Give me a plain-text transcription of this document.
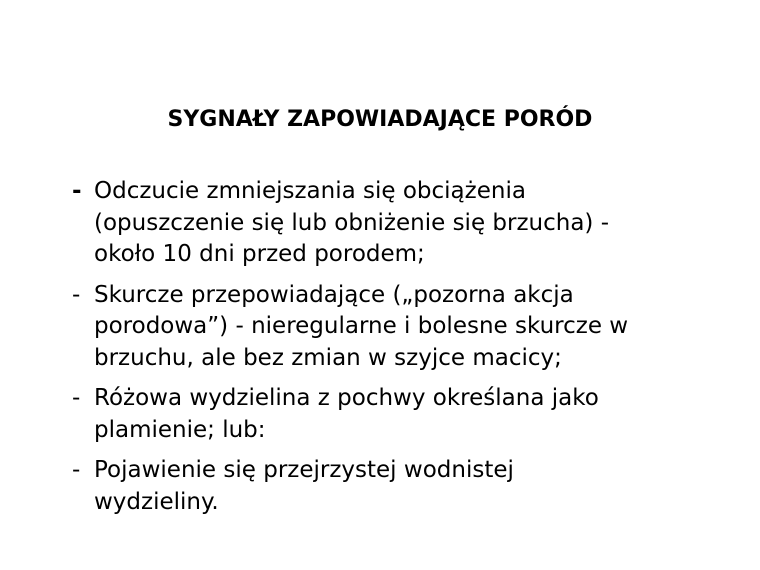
SYGNAŁY ZAPOWIADAJĄCE PORÓD
- Odczucie zmniejszania się obciążenia
(opuszczenie się lub obniżenie się brzucha) -
około 10 dni przed porodem;
- Skurcze przepowiadające („pozorna akcja
porodowa”) - nieregularne i bolesne skurcze w
brzuchu, ale bez zmian w szyjce macicy;
- Różowa wydzielina z pochwy określana jako
plamienie; lub:
- Pojawienie się przejrzystej wodnistej
wydzieliny.
